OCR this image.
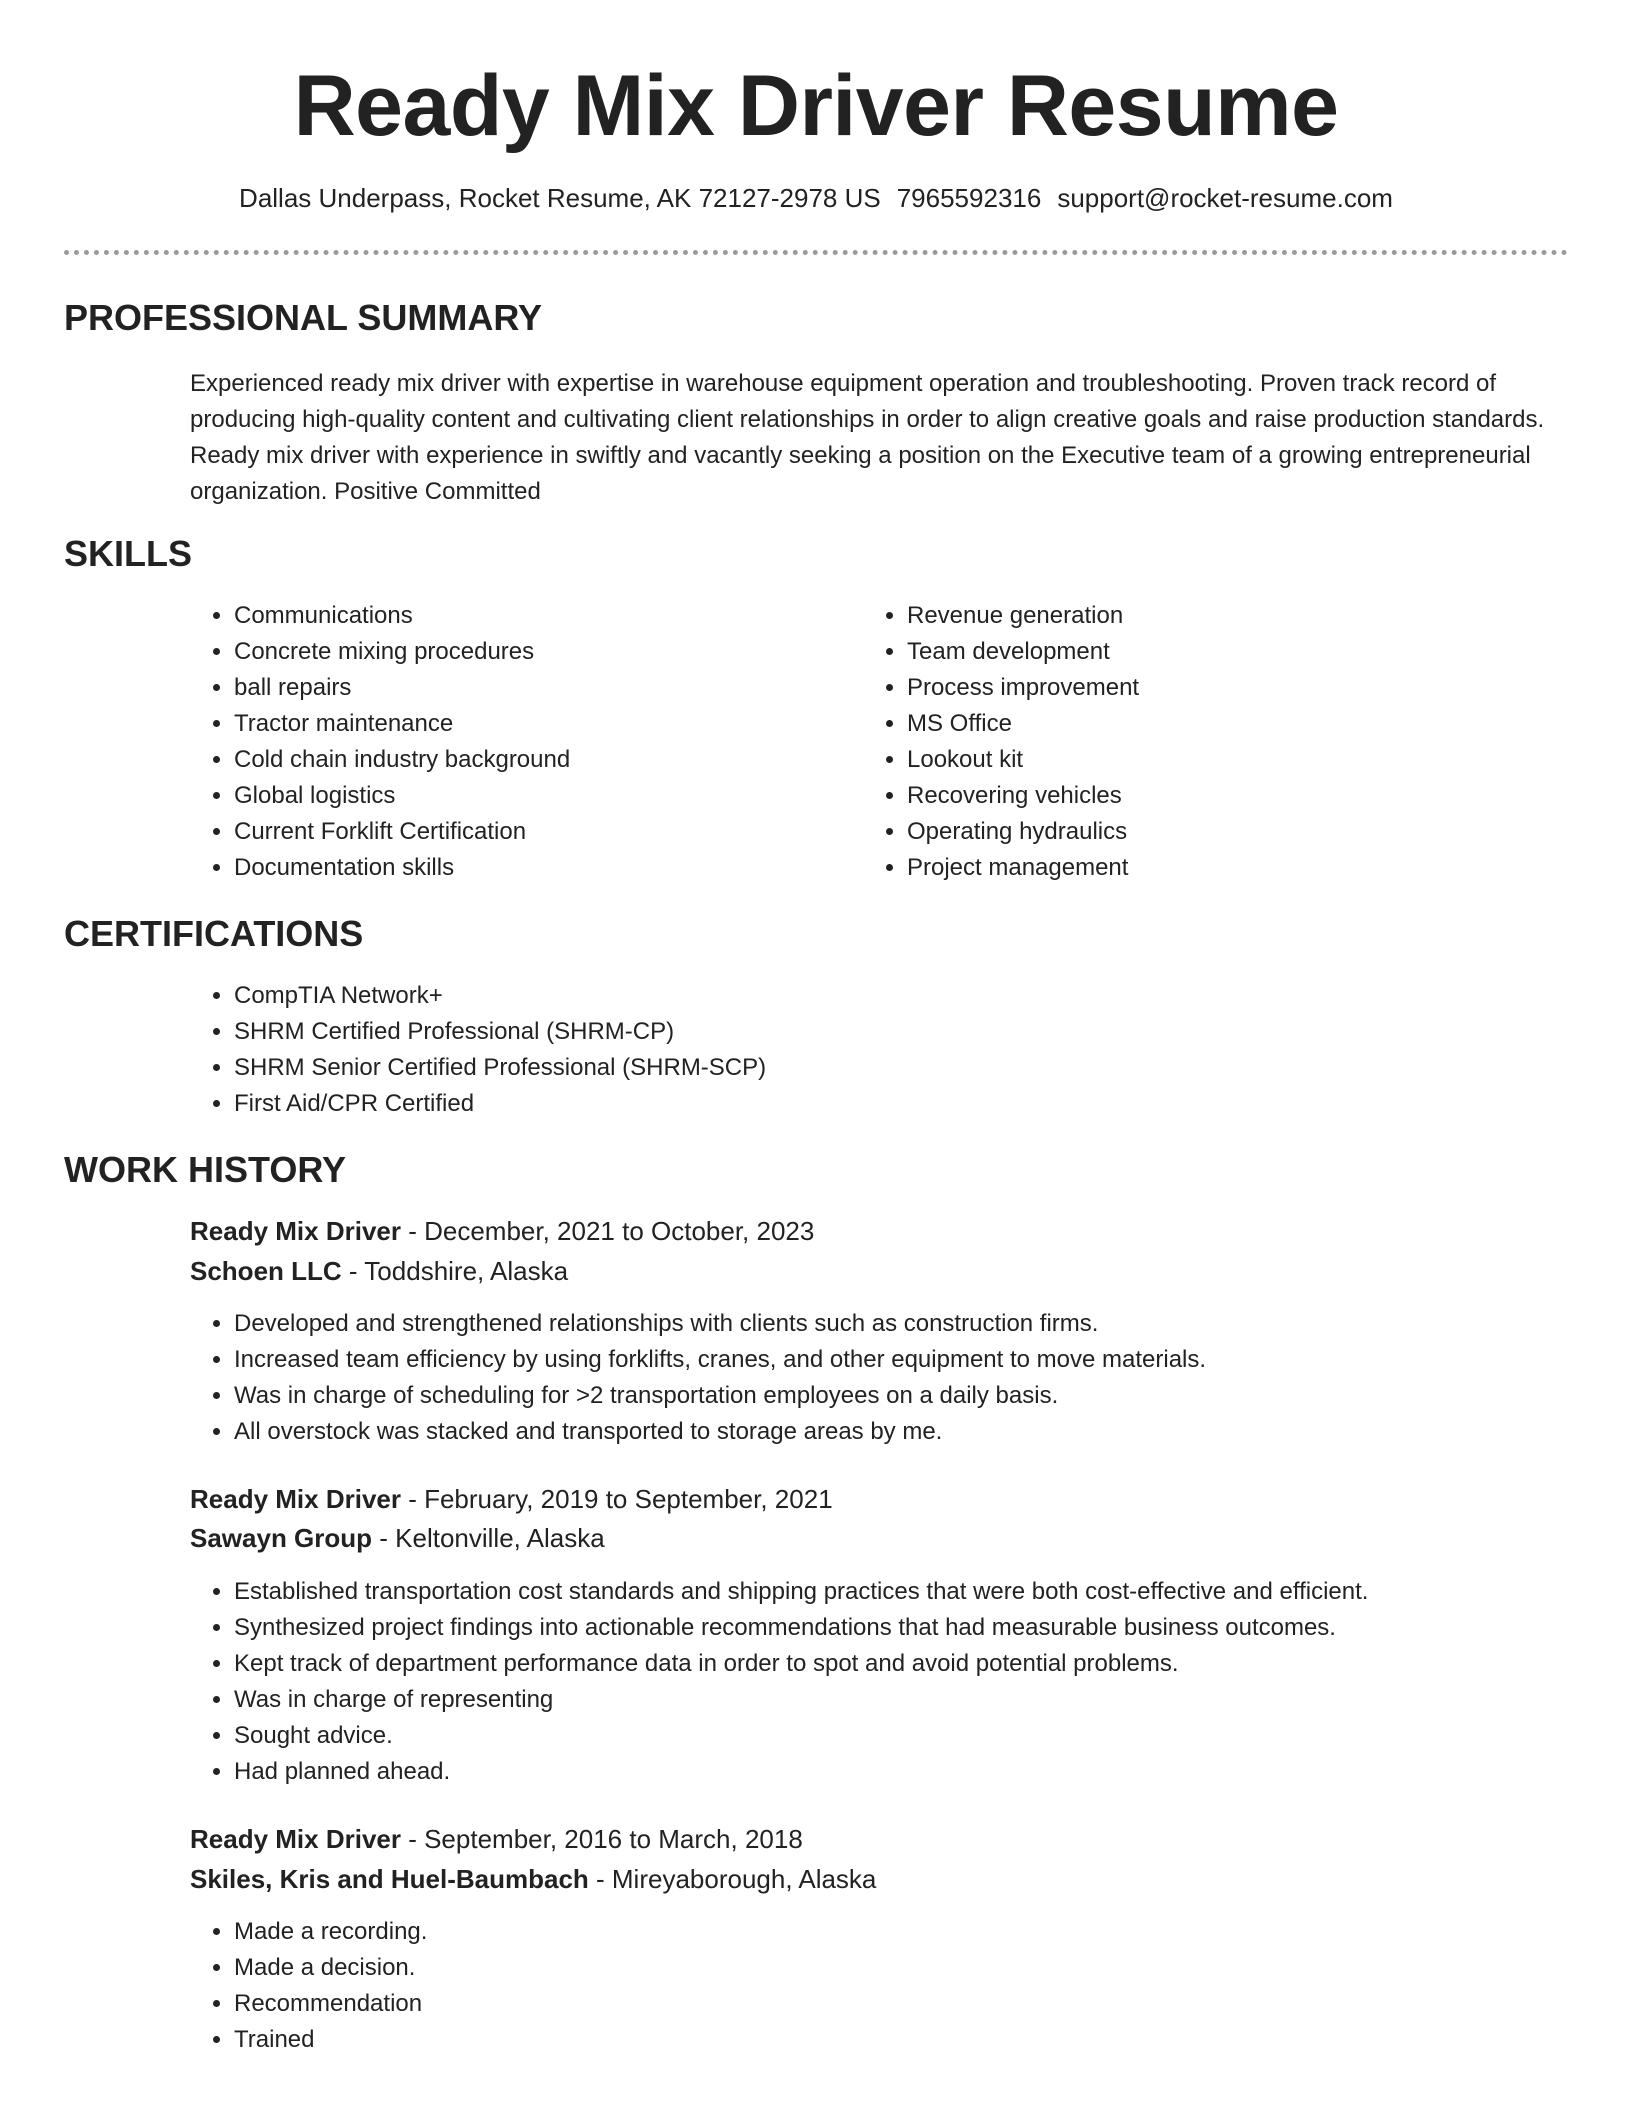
Ready Mix Driver Resume
Dallas Underpass, Rocket Resume, AK 72127-2978 US 7965592316 support@rocket-resume.com
PROFESSIONAL SUMMARY

Experienced ready mix driver with expertise in warehouse equipment operation and troubleshooting. Proven track record of producing high-quality content and cultivating client relationships in order to align creative goals and raise production standards. Ready mix driver with experience in swiftly and vacantly seeking a position on the Executive team of a growing entrepreneurial organization. Positive Committed

SKILLS
• Communications
• Concrete mixing procedures
• ball repairs
• Tractor maintenance
• Cold chain industry background
• Global logistics
• Current Forklift Certification
• Documentation skills
• Revenue generation
• Team development
• Process improvement
• MS Office
• Lookout kit
• Recovering vehicles
• Operating hydraulics
• Project management
CERTIFICATIONS
• CompTIA Network+
• SHRM Certified Professional (SHRM-CP)
• SHRM Senior Certified Professional (SHRM-SCP)
• First Aid/CPR Certified
WORK HISTORY

Ready Mix Driver - December, 2021 to October, 2023

Schoen LLC - Toddshire, Alaska

• Developed and strengthened relationships with clients such as construction firms.
• Increased team efficiency by using forklifts, cranes, and other equipment to move materials.
• Was in charge of scheduling for >2 transportation employees on a daily basis.
• All overstock was stacked and transported to storage areas by me.

Ready Mix Driver - February, 2019 to September, 2021

Sawayn Group - Keltonville, Alaska

• Established transportation cost standards and shipping practices that were both cost-effective and efficient.
• Synthesized project findings into actionable recommendations that had measurable business outcomes.
• Kept track of department performance data in order to spot and avoid potential problems.
• Was in charge of representing
• Sought advice.
• Had planned ahead.

Ready Mix Driver - September, 2016 to March, 2018

Skiles, Kris and Huel-Baumbach - Mireyaborough, Alaska

• Made a recording.
• Made a decision.
• Recommendation
• Trained
